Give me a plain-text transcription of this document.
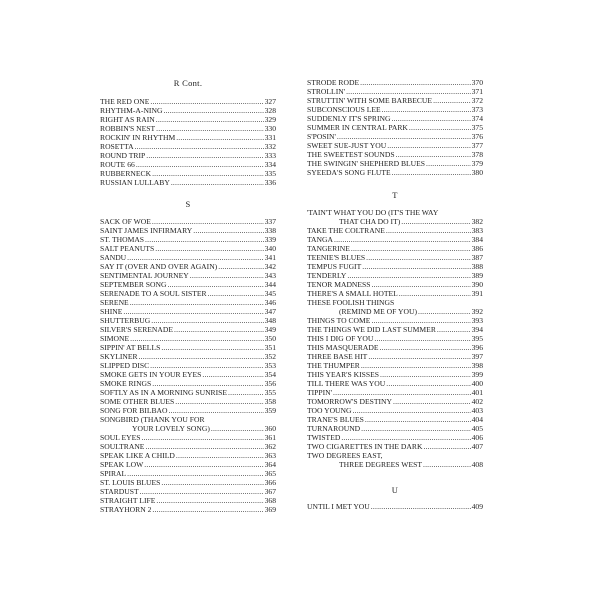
R Cont.
THE RED ONE .....	327
RHYTHM-A-NING .....	328
RIGHT AS RAIN .....	329
ROBBIN'S NEST .....	330
ROCKIN' IN RHYTHM .....	331
ROSETTA .....	332
ROUND TRIP .....	333
ROUTE 66 .....	334
RUBBERNECK .....	335
RUSSIAN LULLABY .....	336
S
SACK OF WOE .....	337
SAINT JAMES INFIRMARY .....	338
ST. THOMAS .....	339
SALT PEANUTS .....	340
SANDU .....	341
SAY IT (OVER AND OVER AGAIN) .....	342
SENTIMENTAL JOURNEY .....	343
SEPTEMBER SONG .....	344
SERENADE TO A SOUL SISTER .....	345
SERENE .....	346
SHINE .....	347
SHUTTERBUG .....	348
SILVER'S SERENADE .....	349
SIMONE .....	350
SIPPIN' AT BELLS .....	351
SKYLINER .....	352
SLIPPED DISC .....	353
SMOKE GETS IN YOUR EYES .....	354
SMOKE RINGS .....	356
SOFTLY AS IN A MORNING SUNRISE .....	355
SOME OTHER BLUES .....	358
SONG FOR BILBAO .....	359
SONGBIRD (THANK YOU FOR
YOUR LOVELY SONG) .....	360
SOUL EYES .....	361
SOULTRANE .....	362
SPEAK LIKE A CHILD .....	363
SPEAK LOW .....	364
SPIRAL .....	365
ST. LOUIS BLUES .....	366
STARDUST .....	367
STRAIGHT LIFE .....	368
STRAYHORN 2 .....	369
STRODE RODE .....	370
STROLLIN' .....	371
STRUTTIN' WITH SOME BARBECUE .....	372
SUBCONSCIOUS LEE .....	373
SUDDENLY IT'S SPRING .....	374
SUMMER IN CENTRAL PARK .....	375
S'POSIN' .....	376
SWEET SUE-JUST YOU .....	377
THE SWEETEST SOUNDS .....	378
THE SWINGIN' SHEPHERD BLUES .....	379
SYEEDA'S SONG FLUTE .....	380
T
'TAIN'T WHAT YOU DO (IT'S THE WAY
THAT CHA DO IT) .....	382
TAKE THE COLTRANE .....	383
TANGA .....	384
TANGERINE .....	386
TEENIE'S BLUES .....	387
TEMPUS FUGIT .....	388
TENDERLY .....	389
TENOR MADNESS .....	390
THERE'S A SMALL HOTEL .....	391
THESE FOOLISH THINGS
(REMIND ME OF YOU) .....	392
THINGS TO COME .....	393
THE THINGS WE DID LAST SUMMER .....	394
THIS I DIG OF YOU .....	395
THIS MASQUERADE .....	396
THREE BASE HIT .....	397
THE THUMPER .....	398
THIS YEAR'S KISSES .....	399
TILL THERE WAS YOU .....	400
TIPPIN' .....	401
TOMORROW'S DESTINY .....	402
TOO YOUNG .....	403
TRANE'S BLUES .....	404
TURNAROUND .....	405
TWISTED .....	406
TWO CIGARETTES IN THE DARK .....	407
TWO DEGREES EAST,
THREE DEGREES WEST .....	408
U
UNTIL I MET YOU .....	409
